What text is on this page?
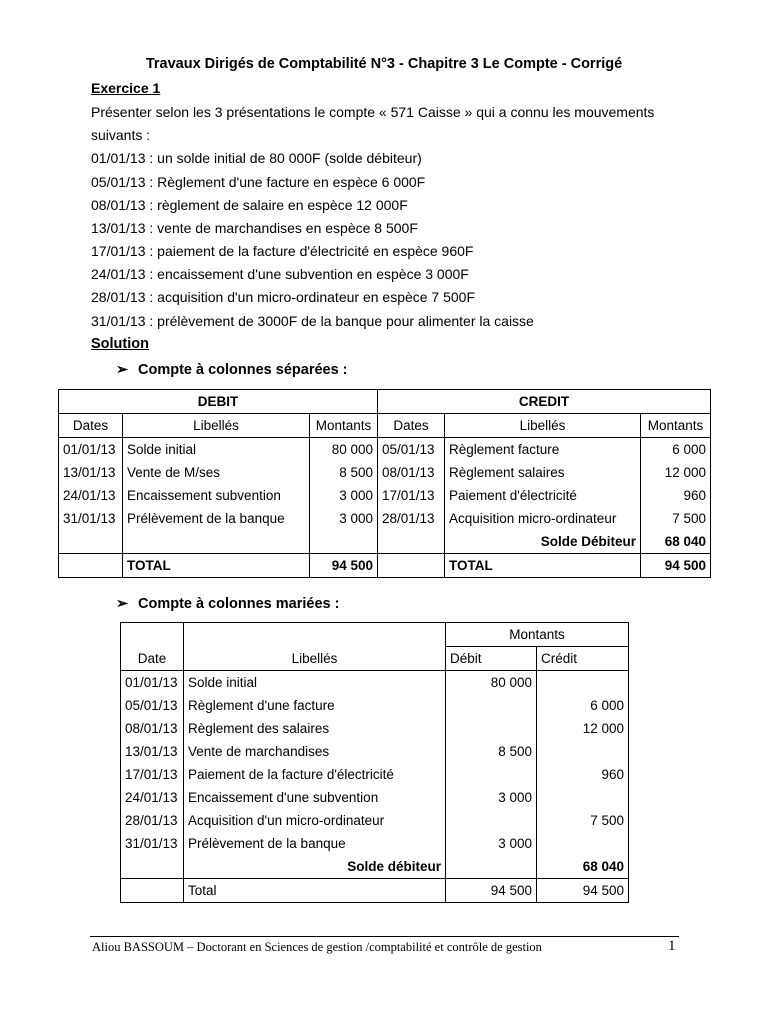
Travaux Dirigés de Comptabilité N°3 - Chapitre 3 Le Compte - Corrigé
Exercice 1
Présenter selon les 3 présentations le compte « 571 Caisse » qui a connu les mouvements
suivants :
01/01/13 : un solde initial de 80 000F (solde débiteur)
05/01/13 : Règlement d'une facture en espèce 6 000F
08/01/13 : règlement de salaire en espèce 12 000F
13/01/13 : vente de marchandises en espèce 8 500F
17/01/13 : paiement de la facture d'électricité en espèce 960F
24/01/13 : encaissement d'une subvention en espèce 3 000F
28/01/13 : acquisition d'un micro-ordinateur en espèce 7 500F
31/01/13 : prélèvement de 3000F de la banque pour alimenter la caisse
Solution
➢ Compte à colonnes séparées :
DEBIT			CREDIT		
Dates	Libellés	Montants	Dates	Libellés	Montants
01/01/13	Solde initial	80 000	05/01/13	Règlement facture	6 000
13/01/13	Vente de M/ses	8 500	08/01/13	Règlement salaires	12 000
24/01/13	Encaissement subvention	3 000	17/01/13	Paiement d'électricité	960
31/01/13	Prélèvement de la banque	3 000	28/01/13	Acquisition micro-ordinateur	7 500
				Solde Débiteur	68 040
	TOTAL	94 500		TOTAL	94 500
➢ Compte à colonnes mariées :
Date	Libellés	Montants	
		Débit	Crédit
01/01/13	Solde initial	80 000	
05/01/13	Règlement d'une facture		6 000
08/01/13	Règlement des salaires		12 000
13/01/13	Vente de marchandises	8 500	
17/01/13	Paiement de la facture d'électricité		960
24/01/13	Encaissement d'une subvention	3 000	
28/01/13	Acquisition d'un micro-ordinateur		7 500
31/01/13	Prélèvement de la banque	3 000	
	Solde débiteur		68 040
	Total	94 500	94 500
Aliou BASSOUM – Doctorant en Sciences de gestion /comptabilité et contrôle de gestion	1
